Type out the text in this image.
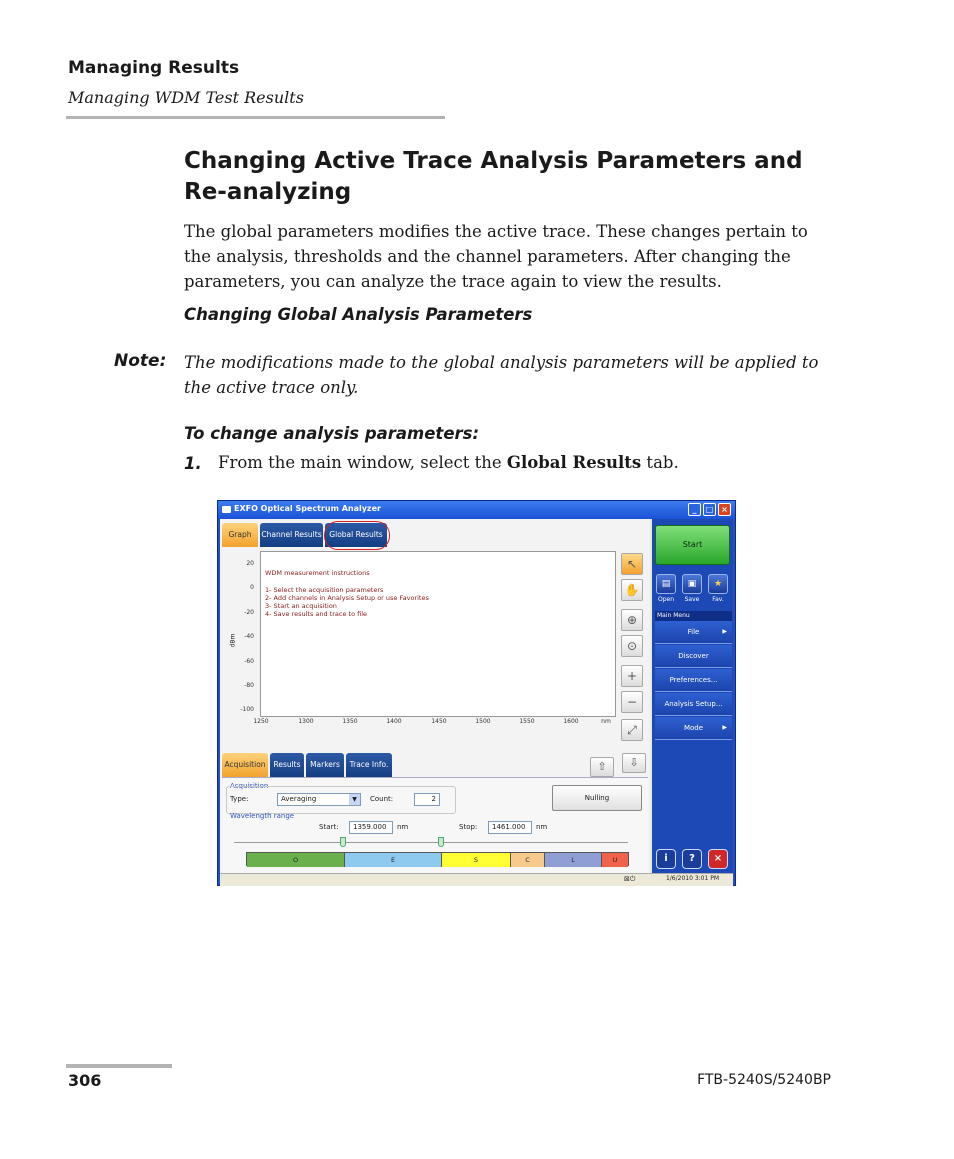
Managing Results
Managing WDM Test Results
Changing Active Trace Analysis Parameters and Re-analyzing
The global parameters modifies the active trace. These changes pertain to the analysis, thresholds and the channel parameters. After changing the parameters, you can analyze the trace again to view the results.
Changing Global Analysis Parameters
Note: The modifications made to the global analysis parameters will be applied to the active trace only.
To change analysis parameters:
1. From the main window, select the Global Results tab.
EXFO Optical Spectrum Analyzer	_	□ ×
Graph	Channel Results	Global Results
20
0
-20
-40
-60
-80
-100
dBm
WDM measurement instructions
1- Select the acquisition parameters
2- Add channels in Analysis Setup or use Favorites
3- Start an acquisition
4- Save results and trace to file
1250	1300	1350	1400	1450	1500	1550	1600	nm
↖
✋
⊕
⊙
+
−
⤢
Acquisition	Results	Markers	Trace Info.	⇧	⇩
Acquisition
Type:	Averaging	▼	Count:	2	Nulling
Wavelength range
Start:	1359.000	nm	Stop:	1461.000	nm
O	E	S	C	L	U
Start
▤	▣	★
Open	Save	Fav.
Main Menu
File	▶
Discover
Preferences...
Analysis Setup...
Mode	▶
i	?	×
⊠⏻	1/6/2010 3:01 PM
306	FTB-5240S/5240BP
